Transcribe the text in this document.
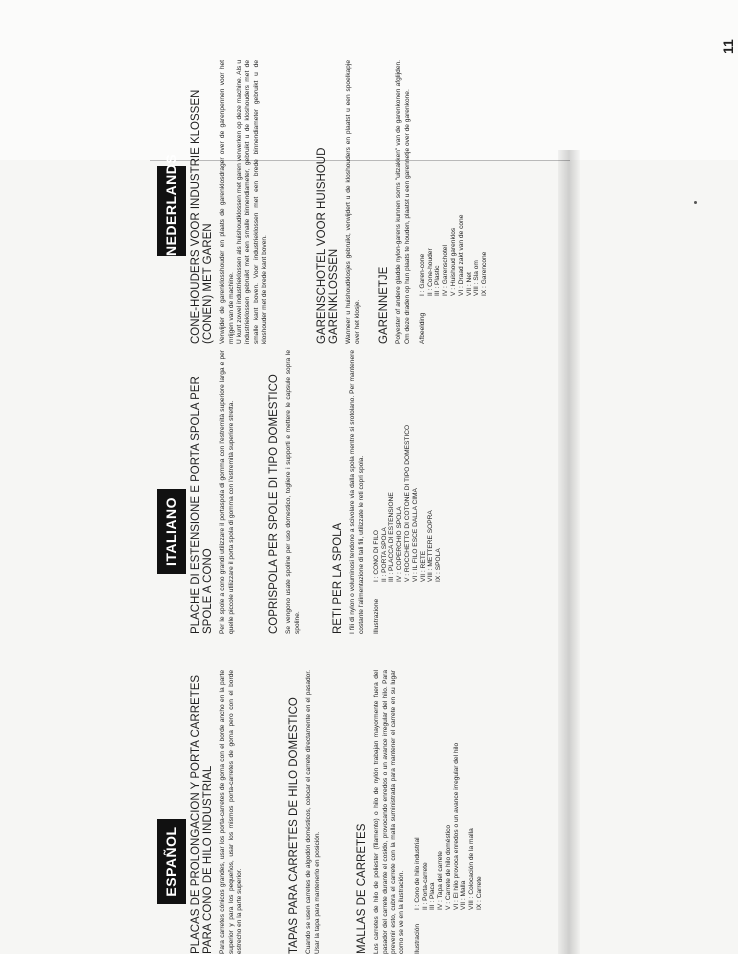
ESPAÑOL PLACAS DE PROLONGACION Y PORTA CARRETES PARA CONO DE HILO INDUSTRIAL Para carretes cónicos grandes, usar los porta-carretes de goma con el borde ancho en la parte superior y para los pequeños, usar los mismos porta-carretes de goma pero con el borde estrecho en la parte superior.	TAPAS PARA CARRETES DE HILO DOMESTICO Cuando se usen carretes de algodón domésticos, colocar el carrete directamente en el pasador. Usar la tapa para mantenerlo en posición.	MALLAS DE CARRETES Los carretes de hilo de poliester (filamento) o hilo de nylón trabajan mayormente fuera del pasador del carrete durante el cosido, provocando enredos o un avance irregular del hilo. Para prevenir esto, cubra el carrete con la malla suministrada para mantener el carrete en su lugar como se ve en la ilustración. Ilustración
I : Cono de hilo industrial II : Porta-carrete III : Placa IV : Tapa del carrete V : Carrete de hilo doméstico VI : El hilo provoca enredos o un avance irregular del hilo VII : Malla VIII : Colocación de la malla IX : Carrete
ITALIANO PLACHE DI ESTENSIONE E PORTA SPOLA PER SPOLE A CONO Per le spole a cono grandi utilizzare il portaspola di gomma con l'estremità superiore larga e per quelle piccole utilizzare il porta spola di gomma con l'estremità superiore stretta.	COPRISPOLA PER SPOLE DI TIPO DOMESTICO Se vengono usate spoline per uso domestico, togliere i supporti e mettere le capsule sopra le spoline.	RETI PER LA SPOLA I fili di nylon o voluminosi tendono a scivolare via dalla spola mentre si srotolano. Per mantenere costante l'alimentazione di tali fili, utilizzate le reti copri spola. Illustrazione
I : CONO DI FILO II : PORTA SPOLA III : PLACCA DI ESTENSIONE IV : COPERCHIO SPOLA V : ROCCHETTO DI COTONE DI TIPO DOMESTICO VI : IL FILO ESCE DALLA CIMA VII : RETE VIII : METTERE SOPRA IX : SPOLA
NEDERLANDS CONE-HOUDERS VOOR INDUSTRIE KLOSSEN (CONEN) MET GAREN Verwijder de garenklosshouder en plaats de garenklosdrager over de garenpennen voor het mrijgen van de machine.
U kunt zowel industrieklossen als huishoudklossen met garen verwerken op deze machine. Als u industrieklossen gebruikt met een smalle binnendiameter, gebruikt u de kloshouders met de smalle kant boven. Voor industrieklossen met een brede binnendiameter gebruikt u de kloshouder met de brede kant boven.	GARENSCHOTEL VOOR HUISHOUD GARENKLOSSEN Wanneer u huishoudklosjes gebruikt, verwijdert u de kloshouders en plaatst u een spoelkapje over het klosje. GARENNETJE Polyester of andere gladde nylon-garens kunnen soms "uitzakken" van de garenkonen afglijden. Om deze draden op hun plaats te houden, plaatst u een garennetje over de garenkone. Afbeelding
I : Garen-cone II : Cone-houder III : Plastic IV : Garenschotel V : Huishoud garenklos VI : Draad zakt van de cone VII : Net VIII : Sla om IX : Garencone
11
